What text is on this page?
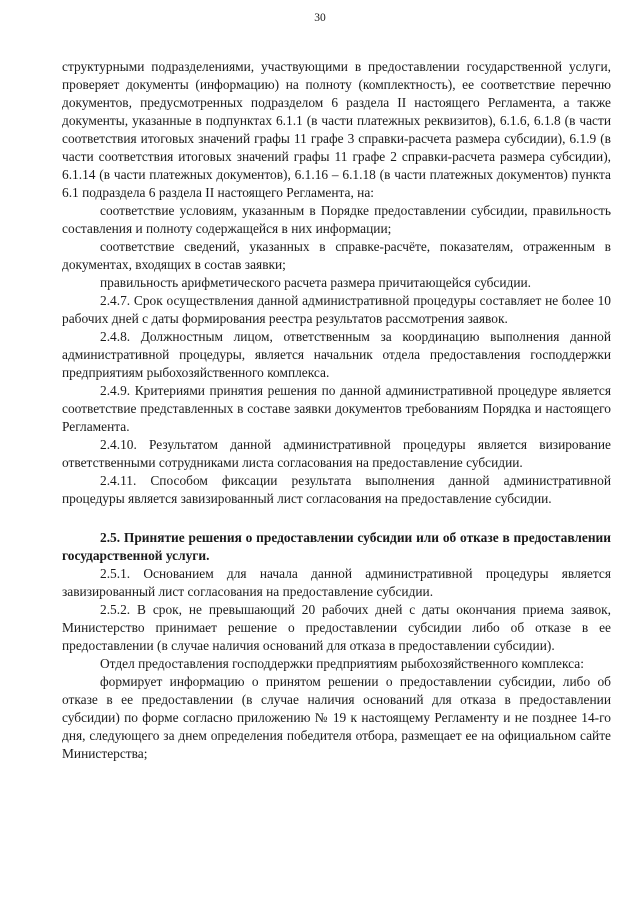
30

структурными подразделениями, участвующими в предоставлении государственной услуги, проверяет документы (информацию) на полноту (комплектность), ее соответствие перечню документов, предусмотренных подразделом 6 раздела II настоящего Регламента, а также документы, указанные в подпунктах 6.1.1 (в части платежных реквизитов), 6.1.6, 6.1.8 (в части соответствия итоговых значений графы 11 графе 3 справки-расчета размера субсидии), 6.1.9 (в части соответствия итоговых значений графы 11 графе 2 справки-расчета размера субсидии), 6.1.14 (в части платежных документов), 6.1.16 – 6.1.18 (в части платежных документов) пункта 6.1 подраздела 6 раздела II настоящего Регламента, на:

соответствие условиям, указанным в Порядке предоставлении субсидии, правильность составления и полноту содержащейся в них информации;

соответствие сведений, указанных в справке-расчёте, показателям, отраженным в документах, входящих в состав заявки;

правильность арифметического расчета размера причитающейся субсидии.

2.4.7. Срок осуществления данной административной процедуры составляет не более 10 рабочих дней с даты формирования реестра результатов рассмотрения заявок.

2.4.8. Должностным лицом, ответственным за координацию выполнения данной административной процедуры, является начальник отдела предоставления господдержки предприятиям рыбохозяйственного комплекса.

2.4.9. Критериями принятия решения по данной административной процедуре является соответствие представленных в составе заявки документов требованиям Порядка и настоящего Регламента.

2.4.10. Результатом данной административной процедуры является визирование ответственными сотрудниками листа согласования на предоставление субсидии.

2.4.11. Способом фиксации результата выполнения данной административной процедуры является завизированный лист согласования на предоставление субсидии.

2.5. Принятие решения о предоставлении субсидии или об отказе в предоставлении государственной услуги.

2.5.1. Основанием для начала данной административной процедуры является завизированный лист согласования на предоставление субсидии.

2.5.2. В срок, не превышающий 20 рабочих дней с даты окончания приема заявок, Министерство принимает решение о предоставлении субсидии либо об отказе в ее предоставлении (в случае наличия оснований для отказа в предоставлении субсидии).

Отдел предоставления господдержки предприятиям рыбохозяйственного комплекса:

формирует информацию о принятом решении о предоставлении субсидии, либо об отказе в ее предоставлении (в случае наличия оснований для отказа в предоставлении субсидии) по форме согласно приложению № 19 к настоящему Регламенту и не позднее 14-го дня, следующего за днем определения победителя отбора, размещает ее на официальном сайте Министерства;
